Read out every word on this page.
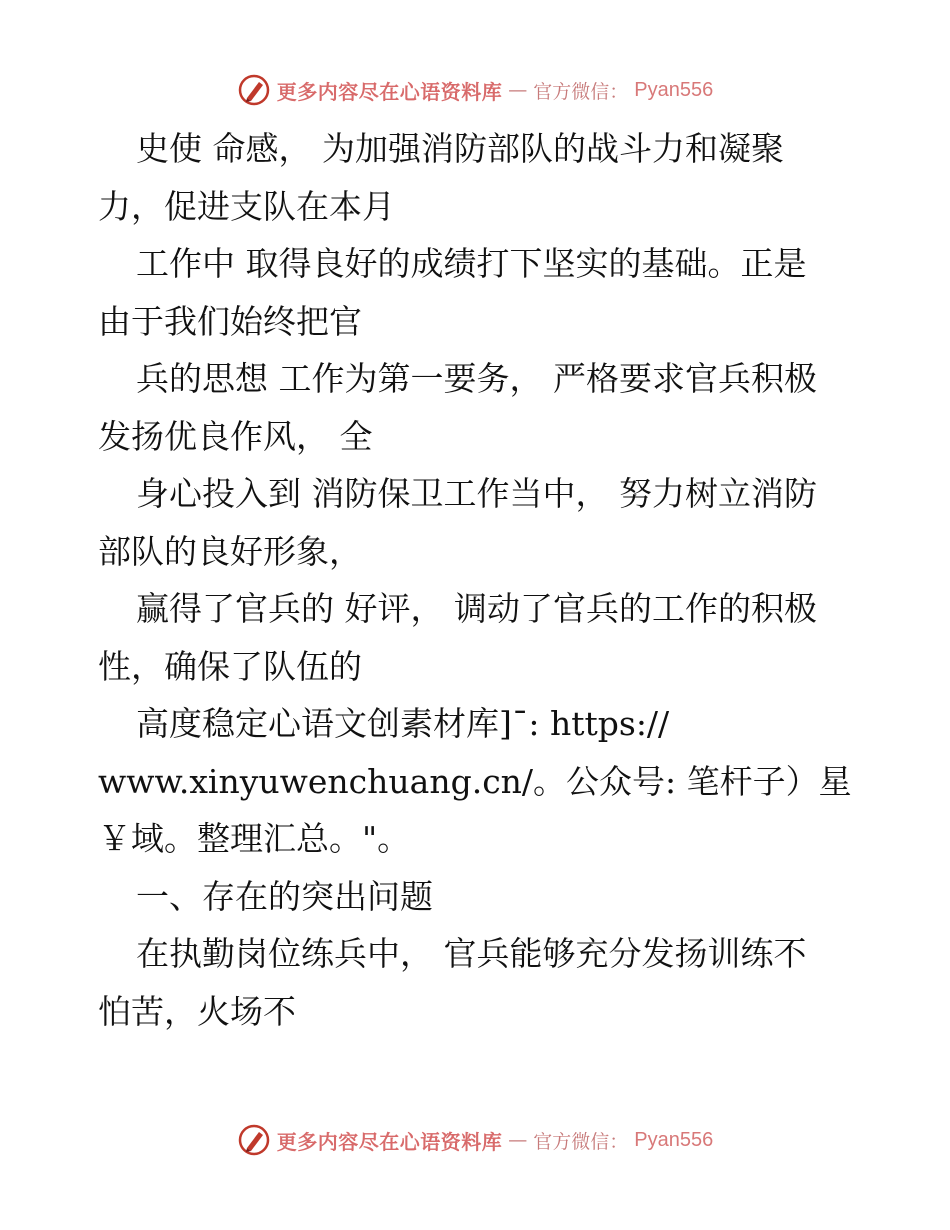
更多内容尽在心语资料库 — 官方微信： Pyan556
史使 命感， 为加强消防部队的战斗力和凝聚
力，促进支队在本月
工作中 取得良好的成绩打下坚实的基础。正是
由于我们始终把官
兵的思想 工作为第一要务， 严格要求官兵积极
发扬优良作风， 全
身心投入到 消防保卫工作当中， 努力树立消防
部队的良好形象，
赢得了官兵的 好评， 调动了官兵的工作的积极
性，确保了队伍的
高度稳定心语文创素材库]¯: https://
www.xinyuwenchuang.cn/。公众号: 笔杆子）星
￥域。整理汇总。"。
一、存在的突出问题
在执勤岗位练兵中， 官兵能够充分发扬训练不
怕苦，火场不
更多内容尽在心语资料库 — 官方微信： Pyan556
